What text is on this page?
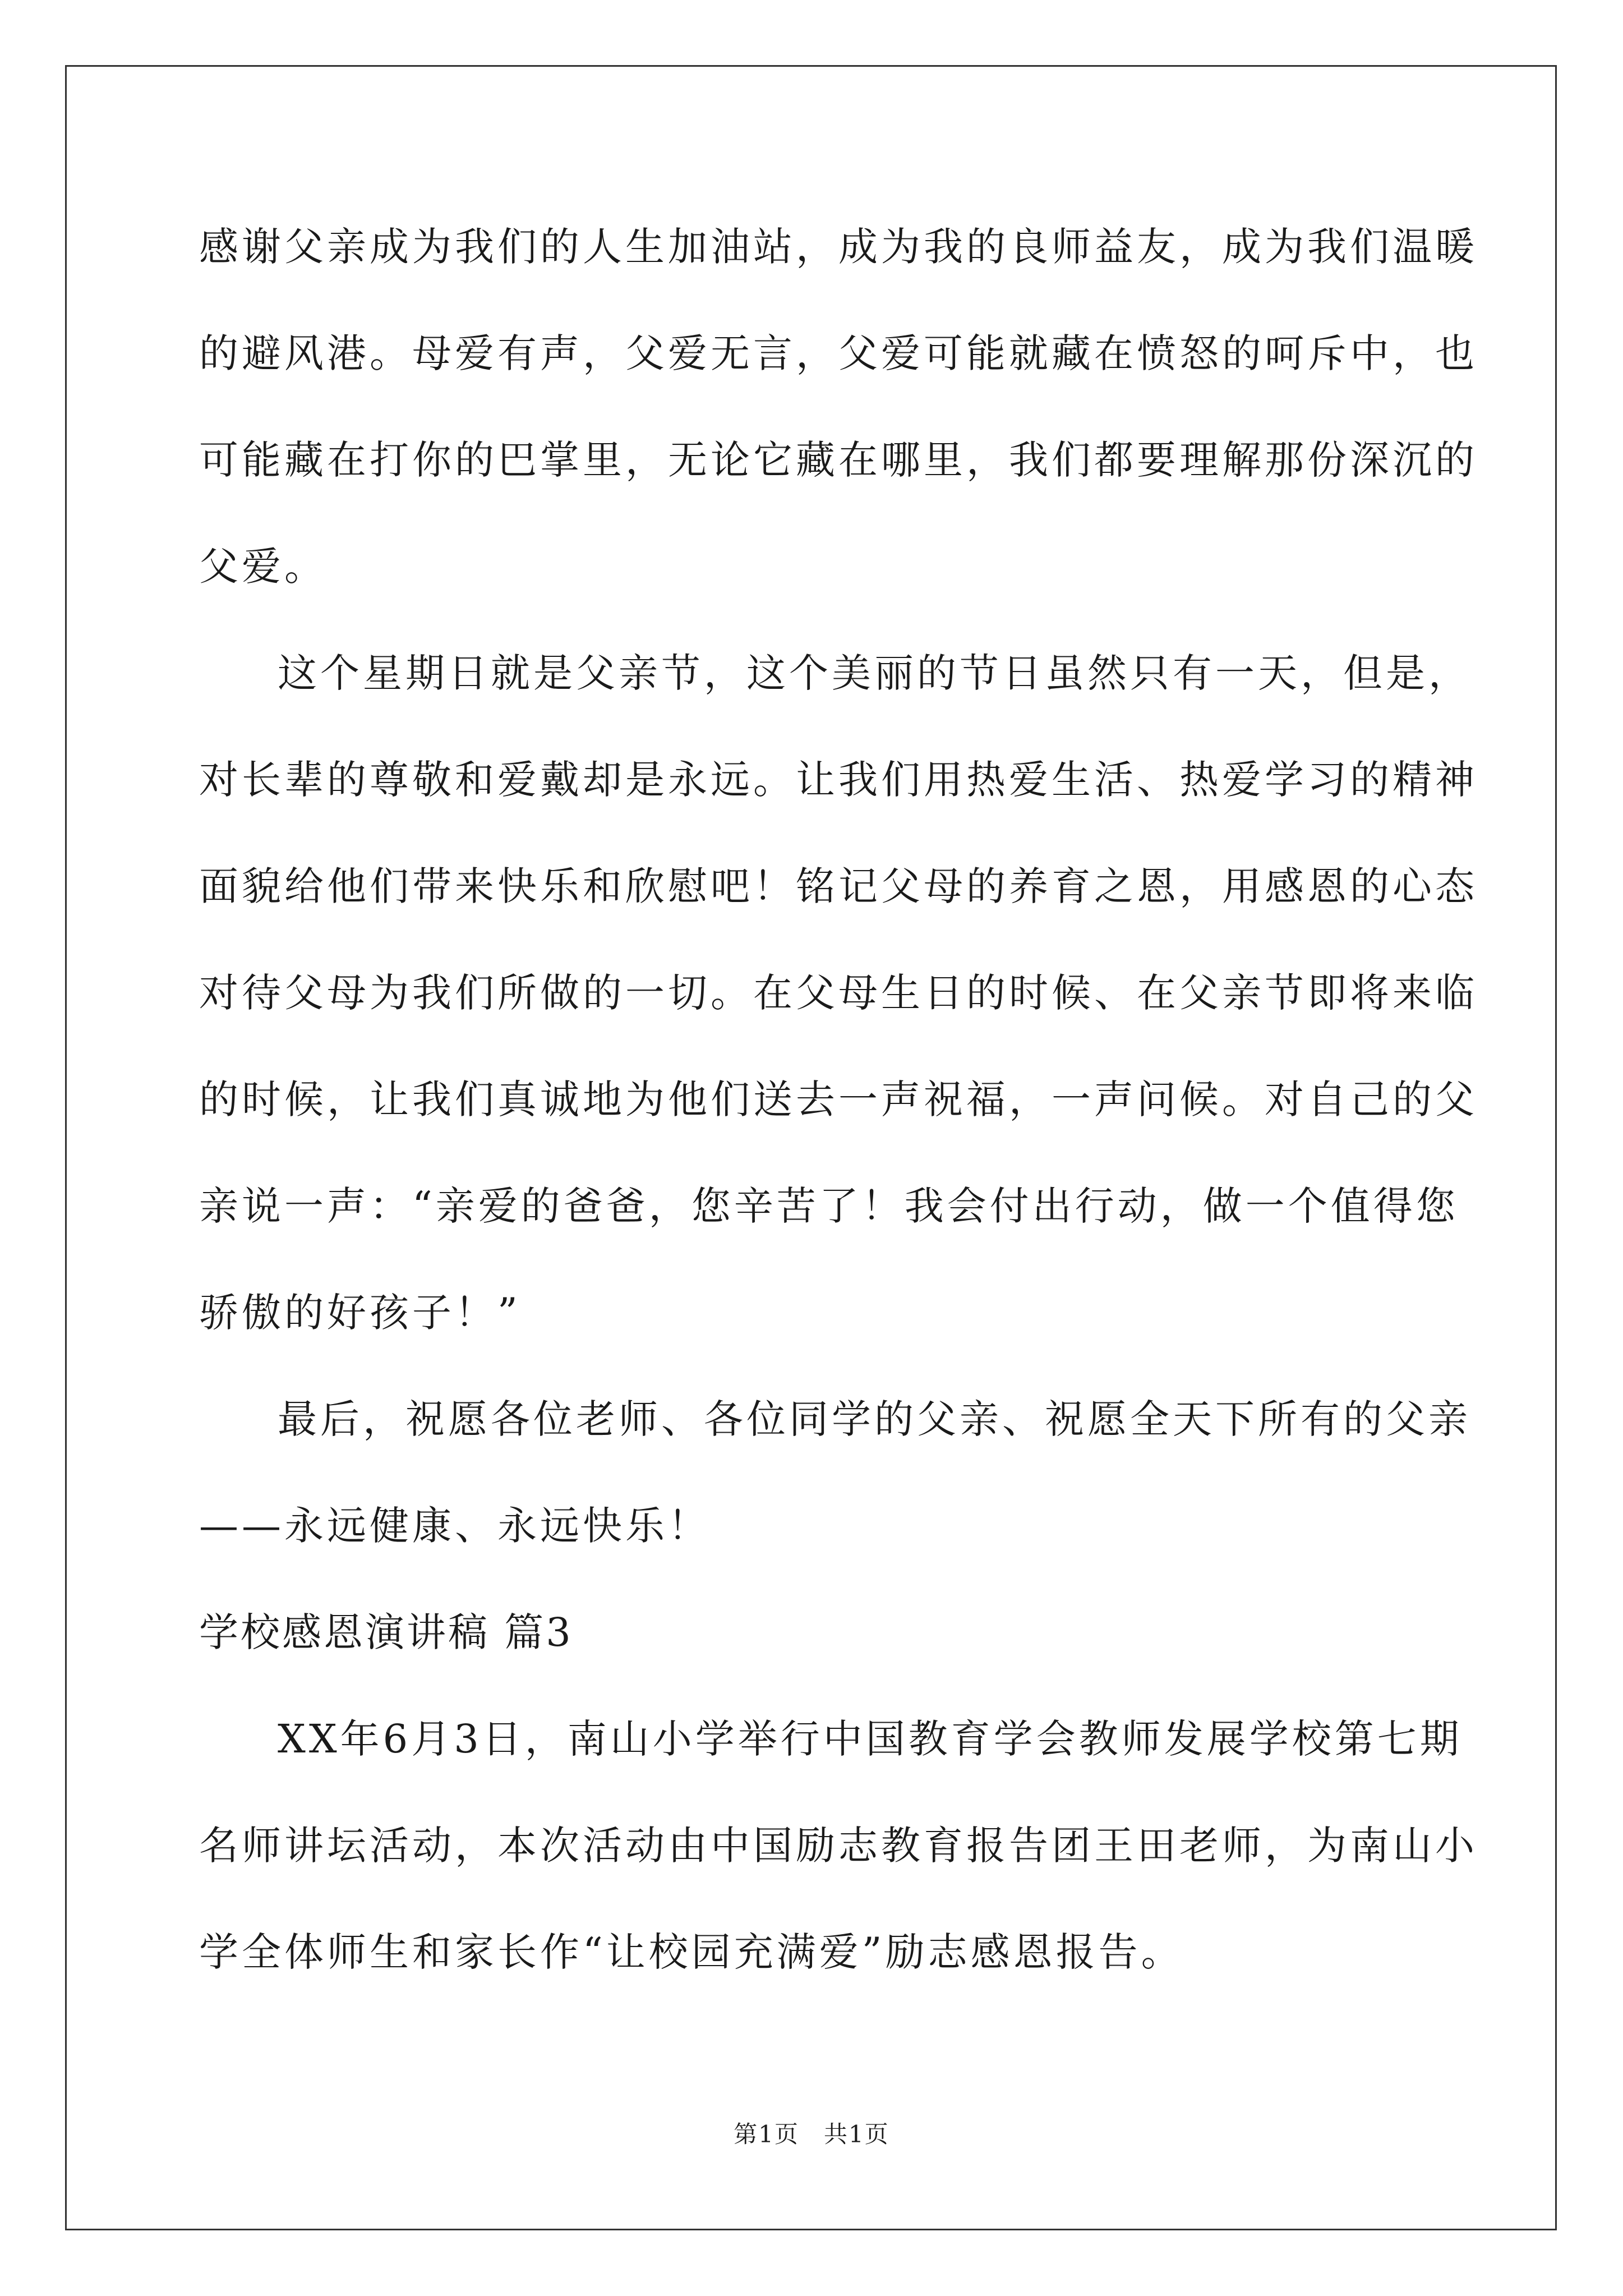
感谢父亲成为我们的人生加油站，成为我的良师益友，成为我们温暖
的避风港。母爱有声，父爱无言，父爱可能就藏在愤怒的呵斥中，也
可能藏在打你的巴掌里，无论它藏在哪里，我们都要理解那份深沉的
父爱。
这个星期日就是父亲节，这个美丽的节日虽然只有一天，但是，
对长辈的尊敬和爱戴却是永远。让我们用热爱生活、热爱学习的精神
面貌给他们带来快乐和欣慰吧！铭记父母的养育之恩，用感恩的心态
对待父母为我们所做的一切。在父母生日的时候、在父亲节即将来临
的时候，让我们真诚地为他们送去一声祝福，一声问候。对自己的父
亲说一声：“亲爱的爸爸，您辛苦了！我会付出行动，做一个值得您
骄傲的好孩子！”
最后，祝愿各位老师、各位同学的父亲、祝愿全天下所有的父亲
——永远健康、永远快乐！
学校感恩演讲稿 篇3
XX年6月3日，南山小学举行中国教育学会教师发展学校第七期
名师讲坛活动，本次活动由中国励志教育报告团王田老师，为南山小
学全体师生和家长作“让校园充满爱”励志感恩报告。
第1页　共1页
